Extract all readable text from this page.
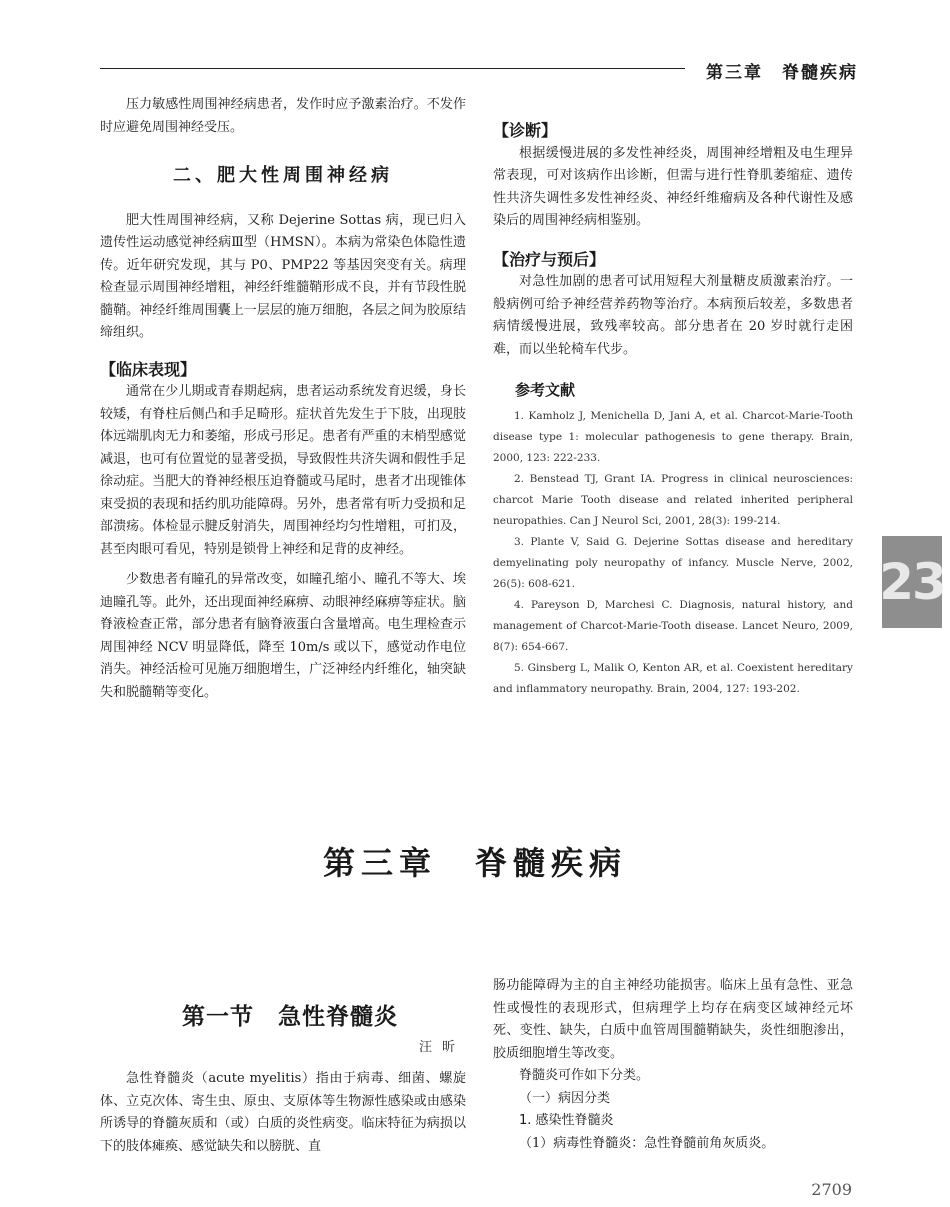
第三章　脊髓疾病

压力敏感性周围神经病患者，发作时应予激素治疗。不发作时应避免周围神经受压。

二、肥大性周围神经病

肥大性周围神经病，又称 Dejerine Sottas 病，现已归入遗传性运动感觉神经病Ⅲ型（HMSN）。本病为常染色体隐性遗传。近年研究发现，其与 P0、PMP22 等基因突变有关。病理检查显示周围神经增粗，神经纤维髓鞘形成不良，并有节段性脱髓鞘。神经纤维周围囊上一层层的施万细胞，各层之间为胶原结缔组织。

【临床表现】

通常在少儿期或青春期起病，患者运动系统发育迟缓，身长较矮，有脊柱后侧凸和手足畸形。症状首先发生于下肢，出现肢体远端肌肉无力和萎缩，形成弓形足。患者有严重的末梢型感觉减退，也可有位置觉的显著受损，导致假性共济失调和假性手足徐动症。当肥大的脊神经根压迫脊髓或马尾时，患者才出现锥体束受损的表现和括约肌功能障碍。另外，患者常有听力受损和足部溃疡。体检显示腱反射消失，周围神经均匀性增粗，可扪及，甚至肉眼可看见，特别是锁骨上神经和足背的皮神经。

少数患者有瞳孔的异常改变，如瞳孔缩小、瞳孔不等大、埃迪瞳孔等。此外，还出现面神经麻痹、动眼神经麻痹等症状。脑脊液检查正常，部分患者有脑脊液蛋白含量增高。电生理检查示周围神经 NCV 明显降低，降至 10m/s 或以下，感觉动作电位消失。神经活检可见施万细胞增生，广泛神经内纤维化，轴突缺失和脱髓鞘等变化。

【诊断】

根据缓慢进展的多发性神经炎，周围神经增粗及电生理异常表现，可对该病作出诊断，但需与进行性脊肌萎缩症、遗传性共济失调性多发性神经炎、神经纤维瘤病及各种代谢性及感染后的周围神经病相鉴别。

【治疗与预后】

对急性加剧的患者可试用短程大剂量糖皮质激素治疗。一般病例可给予神经营养药物等治疗。本病预后较差，多数患者病情缓慢进展，致残率较高。部分患者在 20 岁时就行走困难，而以坐轮椅车代步。

参考文献

1. Kamholz J, Menichella D, Jani A, et al. Charcot-Marie-Tooth disease type 1: molecular pathogenesis to gene therapy. Brain, 2000, 123: 222-233.

2. Benstead TJ, Grant IA. Progress in clinical neurosciences: charcot Marie Tooth disease and related inherited peripheral neuropathies. Can J Neurol Sci, 2001, 28(3): 199-214.

3. Plante V, Said G. Dejerine Sottas disease and hereditary demyelinating poly neuropathy of infancy. Muscle Nerve, 2002, 26(5): 608-621.

4. Pareyson D, Marchesi C. Diagnosis, natural history, and management of Charcot-Marie-Tooth disease. Lancet Neuro, 2009, 8(7): 654-667.

5. Ginsberg L, Malik O, Kenton AR, et al. Coexistent hereditary and inflammatory neuropathy. Brain, 2004, 127: 193-202.

23
第三章　脊髓疾病
第一节　急性脊髓炎
汪昕

急性脊髓炎（acute myelitis）指由于病毒、细菌、螺旋体、立克次体、寄生虫、原虫、支原体等生物源性感染或由感染所诱导的脊髓灰质和（或）白质的炎性病变。临床特征为病损以下的肢体瘫痪、感觉缺失和以膀胱、直

肠功能障碍为主的自主神经功能损害。临床上虽有急性、亚急性或慢性的表现形式，但病理学上均存在病变区域神经元坏死、变性、缺失，白质中血管周围髓鞘缺失，炎性细胞渗出，胶质细胞增生等改变。

脊髓炎可作如下分类。

（一）病因分类

1. 感染性脊髓炎

（1）病毒性脊髓炎：急性脊髓前角灰质炎。

2709
